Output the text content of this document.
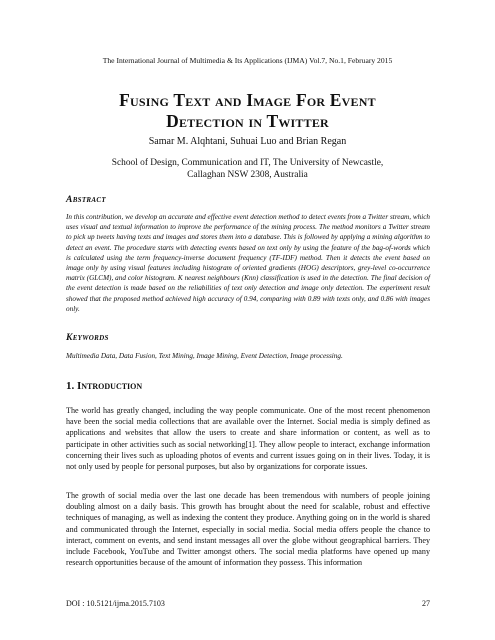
The International Journal of Multimedia & Its Applications (IJMA) Vol.7, No.1, February 2015
Fusing Text and Image For Event
Detection in Twitter
Samar M. Alqhtani, Suhuai Luo and Brian Regan
School of Design, Communication and IT, The University of Newcastle,
Callaghan NSW 2308, Australia
Abstract
In this contribution, we develop an accurate and effective event detection method to detect events from a Twitter stream, which uses visual and textual information to improve the performance of the mining process. The method monitors a Twitter stream to pick up tweets having texts and images and stores them into a database. This is followed by applying a mining algorithm to detect an event. The procedure starts with detecting events based on text only by using the feature of the bag-of-words which is calculated using the term frequency-inverse document frequency (TF-IDF) method. Then it detects the event based on image only by using visual features including histogram of oriented gradients (HOG) descriptors, grey-level co-occurrence matrix (GLCM), and color histogram. K nearest neighbours (Knn) classification is used in the detection. The final decision of the event detection is made based on the reliabilities of text only detection and image only detection. The experiment result showed that the proposed method achieved high accuracy of 0.94, comparing with 0.89 with texts only, and 0.86 with images only.
Keywords
Multimedia Data, Data Fusion, Text Mining, Image Mining, Event Detection, Image processing.
1. Introduction
The world has greatly changed, including the way people communicate. One of the most recent phenomenon have been the social media collections that are available over the Internet. Social media is simply defined as applications and websites that allow the users to create and share information or content, as well as to participate in other activities such as social networking[1]. They allow people to interact, exchange information concerning their lives such as uploading photos of events and current issues going on in their lives. Today, it is not only used by people for personal purposes, but also by organizations for corporate issues.
The growth of social media over the last one decade has been tremendous with numbers of people joining doubling almost on a daily basis. This growth has brought about the need for scalable, robust and effective techniques of managing, as well as indexing the content they produce. Anything going on in the world is shared and communicated through the Internet, especially in social media. Social media offers people the chance to interact, comment on events, and send instant messages all over the globe without geographical barriers. They include Facebook, YouTube and Twitter amongst others. The social media platforms have opened up many research opportunities because of the amount of information they possess. This information
DOI : 10.5121/ijma.2015.7103	27
